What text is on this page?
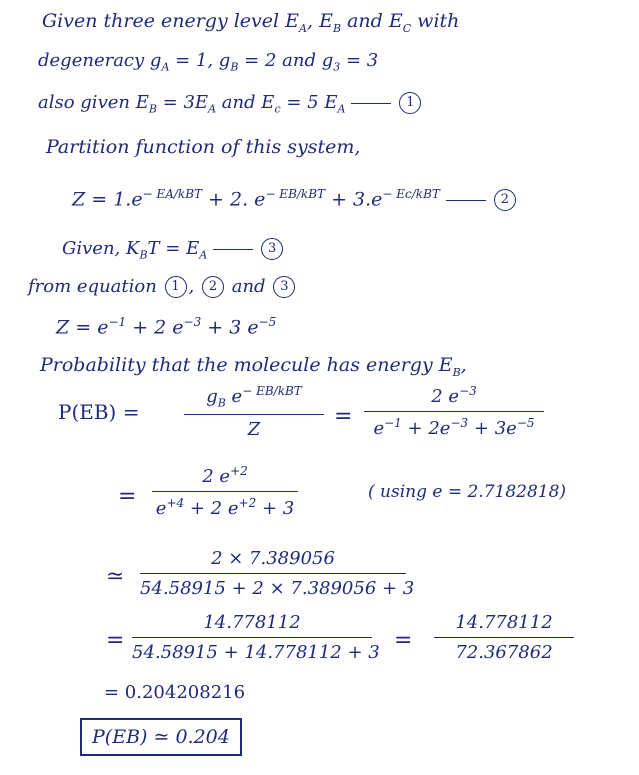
Given three energy level $E_A$, $E_B$ and $E_C$ with
degeneracy $g_A = 1$, $g_B = 2$ and $g_3 = 3$
also given $E_B = 3E_A$ and $E_c = 5$ $E_A$	1
Partition function of this system,
$Z = 1.e^{- EA/kBT} + 2$. $e^{- EB/kBT} + 3.e^{- Ec/kBT}$	2
Given, $K_BT = E_A$	3
from equation 1 , 2 and 3
$Z = e^{-1} + 2$ $e^{-3} + 3$ $e^{-5}$
Probability that the molecule has energy $E_B$,
P(EB) =
$g_B$ $e^{- EB/kBT}$
Z
=
2 $e^{-3}$
$e^{-1} + 2e^{-3} + 3e^{-5}$
=
2 $e^{+2}$
$e^{+4} + 2$ $e^{+2} + 3$
( using e = 2.7182818)
≃
2 × 7.389056
54.58915 + 2 × 7.389056 + 3
=
14.778112
54.58915 + 14.778112 + 3 =
14.778112
72.367862
= 0.204208216
P(EB) ≃ 0.204
